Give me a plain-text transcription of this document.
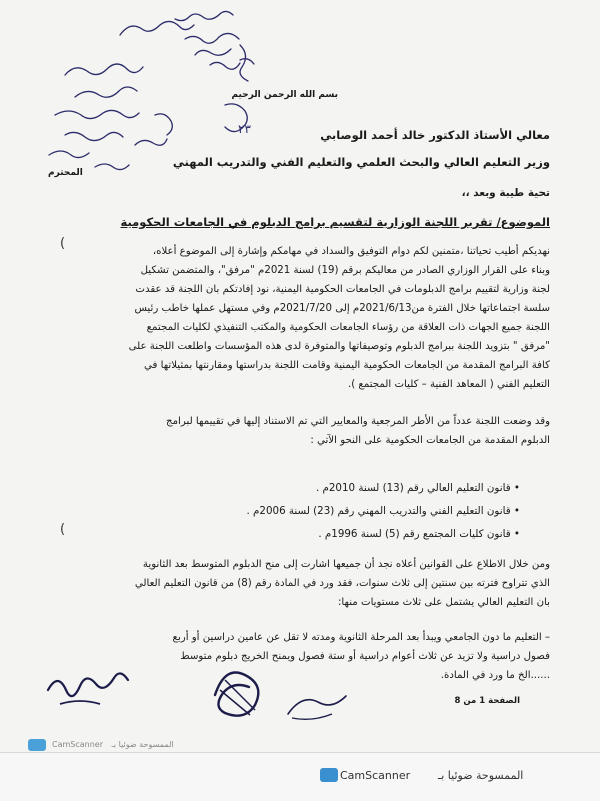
بسم الله الرحمن الرحيم
٢٣	معالي الأستاذ الدكتور خالد أحمد الوصابي
وزير التعليم العالي والبحث العلمي والتعليم الفني والتدريب المهني
المحترم
تحية طيبة وبعد ،،
الموضوع/ تقرير اللجنة الوزارية لتقسيم برامج الدبلوم في الجامعات الحكومية
(
نهديكم أطيب تحياتنا ،متمنين لكم دوام التوفيق والسداد في مهامكم وإشارة إلى الموضوع أعلاه،
وبناء على القرار الوزاري الصادر من معاليكم برقم (19) لسنة 2021م "مرفق"، والمتضمن تشكيل
لجنة وزارية لتقييم برامج الدبلومات في الجامعات الحكومية اليمنية، نود إفادتكم بان اللجنة قد عقدت
سلسة اجتماعاتها خلال الفترة من2021/6/13م إلى 2021/7/20م وفي مستهل عملها خاطب رئيس
اللجنة جميع الجهات ذات العلاقة من رؤساء الجامعات الحكومية والمكتب التنفيذي لكليات المجتمع
"مرفق " بتزويد اللجنة ببرامج الدبلوم وتوصيفاتها والمتوفرة لدى هذه المؤسسات واطلعت اللجنة على
كافة البرامج المقدمة من الجامعات الحكومية اليمنية وقامت اللجنة بدراستها ومقارنتها بمثيلاتها في
التعليم الفني ( المعاهد الفنية – كليات المجتمع ).
وقد وضعت اللجنة عدداً من الأطر المرجعية والمعايير التي تم الاستناد إليها في تقييمها لبرامج
الدبلوم المقدمة من الجامعات الحكومية على النحو الآتي :
• قانون التعليم العالي رقم (13) لسنة 2010م .
• قانون التعليم الفني والتدريب المهني رقم (23) لسنة 2006م .
• قانون كليات المجتمع رقم (5) لسنة 1996م .
(
ومن خلال الاطلاع على القوانين أعلاه نجد أن جميعها اشارت إلى منح الدبلوم المتوسط بعد الثانوية
الذي تتراوح فترته بين سنتين إلى ثلاث سنوات، فقد ورد في المادة رقم (8) من قانون التعليم العالي
بان التعليم العالي يشتمل على ثلاث مستويات منها:
– التعليم ما دون الجامعي ويبدأ بعد المرحلة الثانوية ومدته لا تقل عن عامين دراسين أو أربع
فصول دراسية ولا تزيد عن ثلاث أعوام دراسية أو ستة فصول ويمنح الخريج دبلوم متوسط
......الخ ما ورد في المادة.
الصفحة 1 من 8
CamScanner الممسوحة ضوئيا بـ
الممسوحة ضوئيا بـ
CamScanner
